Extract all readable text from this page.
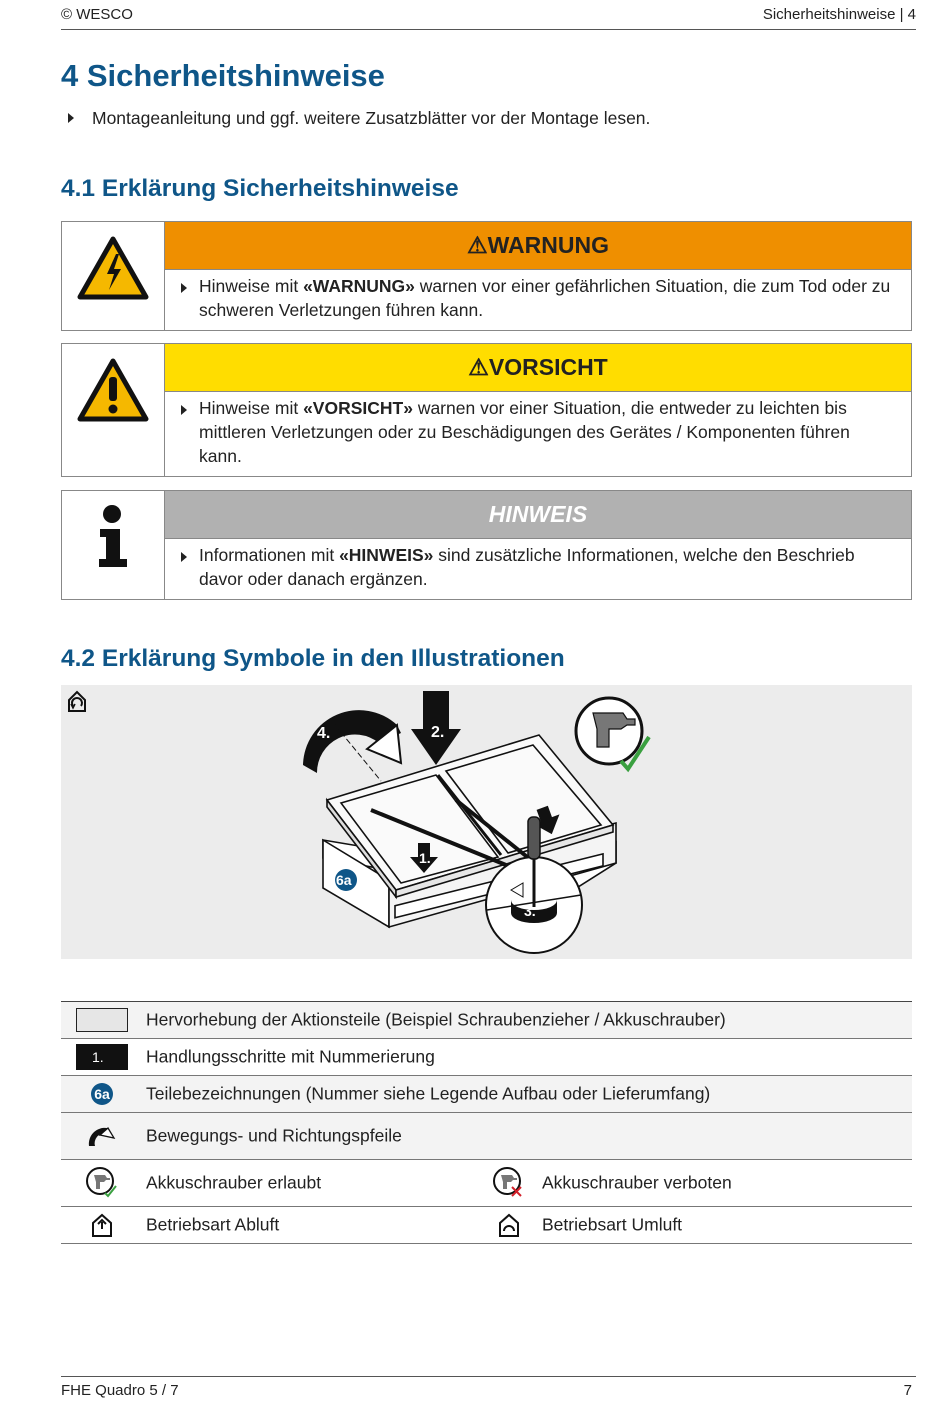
© WESCO	Sicherheitshinweise | 4
4 Sicherheitshinweise
Montageanleitung und ggf. weitere Zusatzblätter vor der Montage lesen.
4.1 Erklärung Sicherheitshinweise
⚠WARNUNG
Hinweise mit «WARNUNG» warnen vor einer gefährlichen Situation, die zum Tod oder zu schweren Verletzungen führen kann.
⚠VORSICHT
Hinweise mit «VORSICHT» warnen vor einer Situation, die entweder zu leichten bis mittleren Verletzungen oder zu Beschädigungen des Gerätes / Komponenten führen kann.
HINWEIS
Informationen mit «HINWEIS» sind zusätzliche Informationen, welche den Beschrieb davor oder danach ergänzen.
4.2 Erklärung Symbole in den Illustrationen
4.	2.
1.
6a
3.
Hervorhebung der Aktionsteile (Beispiel Schraubenzieher / Akkuschrauber)
1.	Handlungsschritte mit Nummerierung
6a Teilebezeichnungen (Nummer siehe Legende Aufbau oder Lieferumfang)
Bewegungs- und Richtungspfeile
Akkuschrauber erlaubt	Akkuschrauber verboten
Betriebsart Abluft	Betriebsart Umluft
FHE Quadro 5 / 7	7
